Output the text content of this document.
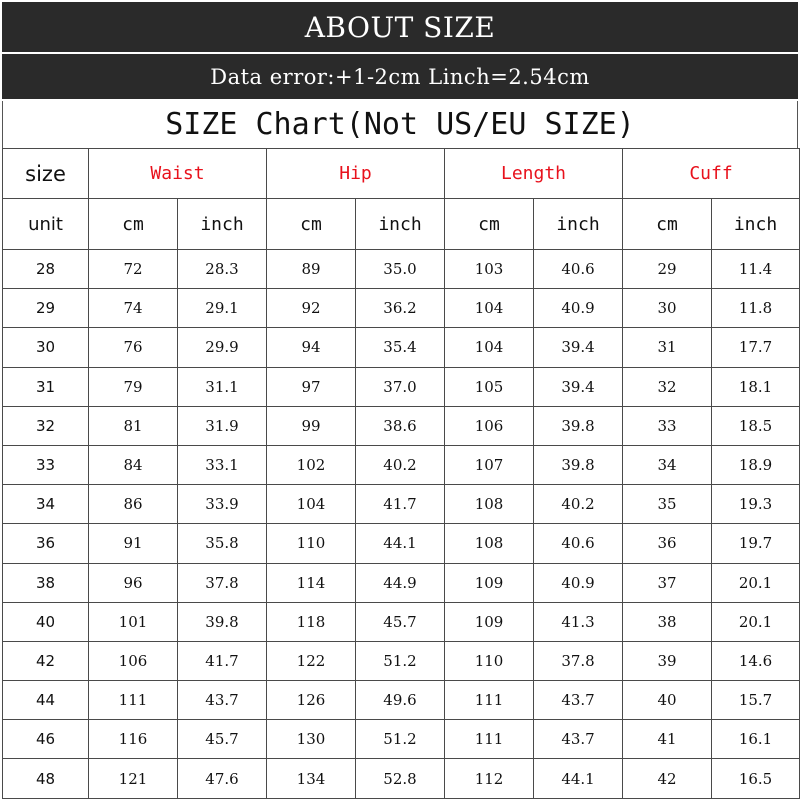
ABOUT SIZE
Data error:+1-2cm Linch=2.54cm
SIZE Chart(Not US/EU SIZE)
size	Waist		Hip		Length		Cuff	
unit	cm	inch	cm	inch	cm	inch	cm	inch
28	72	28.3	89	35.0	103	40.6	29	11.4
29	74	29.1	92	36.2	104	40.9	30	11.8
30	76	29.9	94	35.4	104	39.4	31	17.7
31	79	31.1	97	37.0	105	39.4	32	18.1
32	81	31.9	99	38.6	106	39.8	33	18.5
33	84	33.1	102	40.2	107	39.8	34	18.9
34	86	33.9	104	41.7	108	40.2	35	19.3
36	91	35.8	110	44.1	108	40.6	36	19.7
38	96	37.8	114	44.9	109	40.9	37	20.1
40	101	39.8	118	45.7	109	41.3	38	20.1
42	106	41.7	122	51.2	110	37.8	39	14.6
44	111	43.7	126	49.6	111	43.7	40	15.7
46	116	45.7	130	51.2	111	43.7	41	16.1
48	121	47.6	134	52.8	112	44.1	42	16.5
